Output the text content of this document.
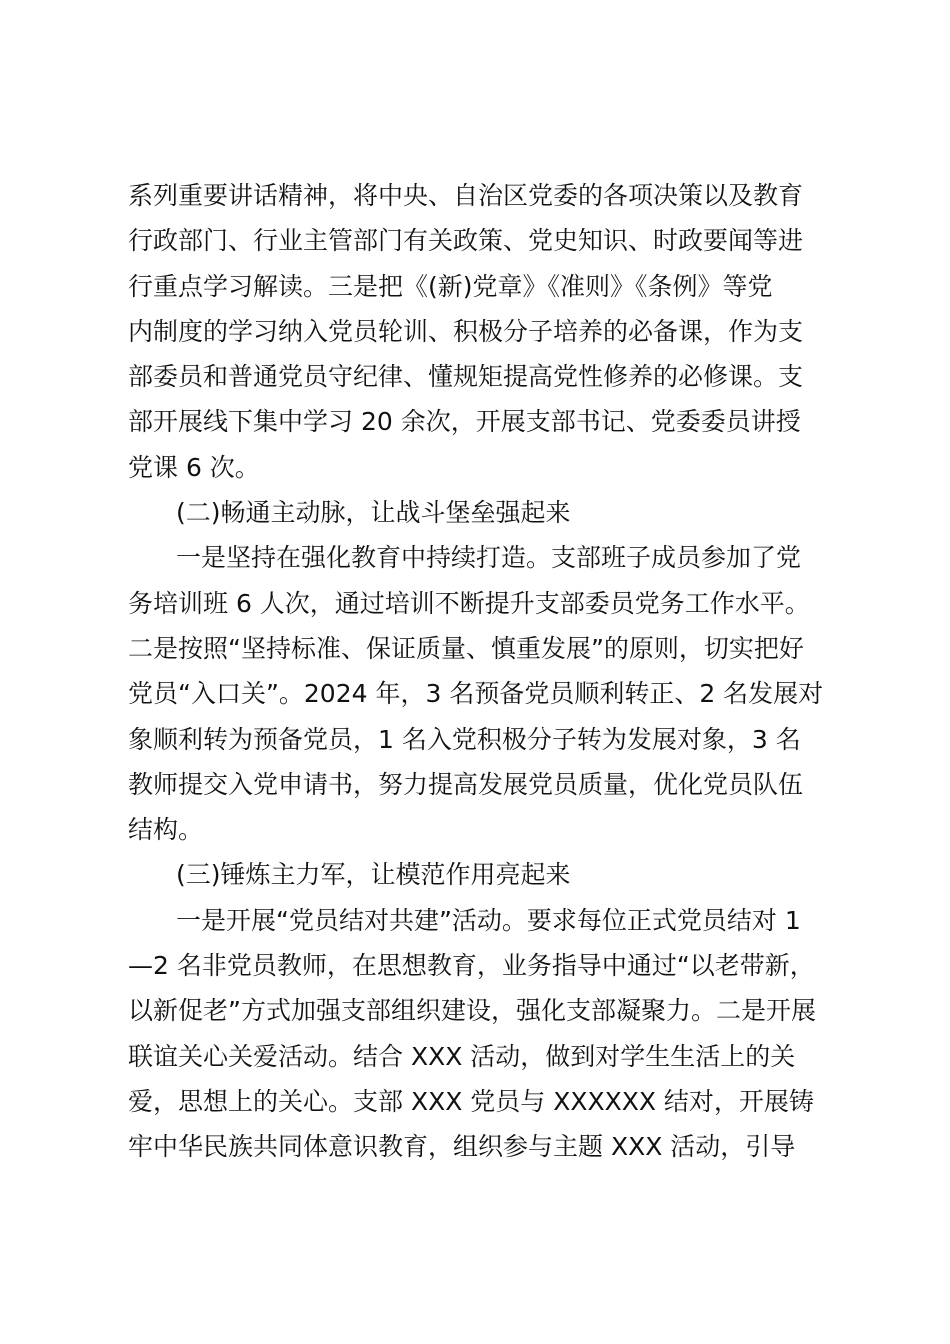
系列重要讲话精神，将中央、自治区党委的各项决策以及教育
行政部门、行业主管部门有关政策、党史知识、时政要闻等进
行重点学习解读。三是把《(新)党章》《准则》《条例》等党
内制度的学习纳入党员轮训、积极分子培养的必备课，作为支
部委员和普通党员守纪律、懂规矩提高党性修养的必修课。支
部开展线下集中学习 20 余次，开展支部书记、党委委员讲授
党课 6 次。
(二)畅通主动脉，让战斗堡垒强起来
一是坚持在强化教育中持续打造。支部班子成员参加了党
务培训班 6 人次，通过培训不断提升支部委员党务工作水平。
二是按照“坚持标准、保证质量、慎重发展”的原则，切实把好
党员“入口关”。2024 年，3 名预备党员顺利转正、2 名发展对
象顺利转为预备党员，1 名入党积极分子转为发展对象，3 名
教师提交入党申请书，努力提高发展党员质量，优化党员队伍
结构。
(三)锤炼主力军，让模范作用亮起来
一是开展“党员结对共建”活动。要求每位正式党员结对 1
—2 名非党员教师，在思想教育，业务指导中通过“以老带新，
以新促老”方式加强支部组织建设，强化支部凝聚力。二是开展
联谊关心关爱活动。结合 XXX 活动，做到对学生生活上的关
爱，思想上的关心。支部 XXX 党员与 XXXXXX 结对，开展铸
牢中华民族共同体意识教育，组织参与主题 XXX 活动，引导
